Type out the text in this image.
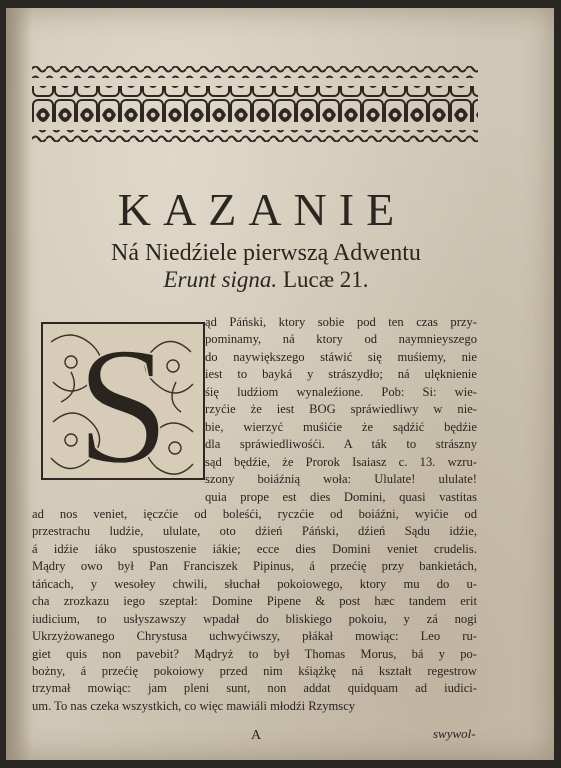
KAZANIE
Ná Niedźiele pierwszą Adwentu
Erunt signa. Lucæ 21.
S	ąd Páński, ktory sobie pod ten czas przy-
pominamy, ná ktory od naymnieyszego
do naywiększego stáwić się muśiemy, nie
iest to bayká y strászydło; ná ulęknienie
śię ludźiom wynaleźione. Pob: Si: wie-
rzyćie że iest BOG spráwiedliwy w nie-
bie, wierzyć muśićie że sądźić będźie
dla spráwiedliwośći. A ták to strászny
sąd będźie, że Prorok Isaiasz c. 13. wzru-
szony boiáźnią woła: Ululate! ululate!
quia prope est dies Domini, quasi vastitas
ad nos veniet, ięczćie od boleśći, ryczćie od boiáźni, wyićie od
przestrachu ludźie, ululate, oto dźień Páński, dźień Sądu idźie,
á idźie iáko spustoszenie iákie; ecce dies Domini veniet crudelis.
Mądry owo był Pan Franciszek Pipinus, á przećię przy bankietách,
táńcach, y wesołey chwili, słuchał pokoiowego, ktory mu do u-
cha zrozkazu iego szeptał: Domine Pipene & post hæc tandem erit
iudicium, to usłyszawszy wpadał do bliskiego pokoiu, y zá nogi
Ukrzyżowanego Chrystusa uchwyćiwszy, płákał mowiąc: Leo ru-
giet quis non pavebit? Mądryż to był Thomas Morus, bá y po-
bożny, á przećię pokoiowy przed nim kśiążkę ná kształt regestrow
trzymał mowiąc: jam pleni sunt, non addat quidquam ad iudici-
um. To nas czeka wszystkich, co więc mawiáli młodźi Rzymscy
A	swywol-
